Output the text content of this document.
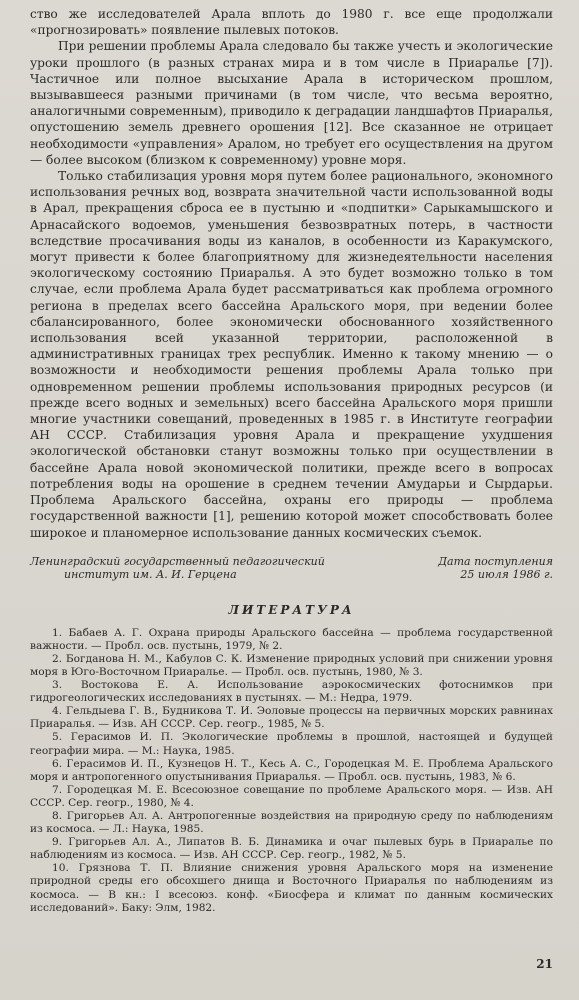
ство же исследователей Арала вплоть до 1980 г. все еще продолжали «прогнозировать» появление пылевых потоков.

При решении проблемы Арала следовало бы также учесть и экологические уроки прошлого (в разных странах мира и в том числе в Приаралье [7]). Частичное или полное высыхание Арала в историческом прошлом, вызывавшееся разными причинами (в том числе, что весьма вероятно, аналогичными современным), приводило к деградации ландшафтов Приаралья, опустошению земель древнего орошения [12]. Все сказанное не отрицает необходимости «управления» Аралом, но требует его осуществления на другом — более высоком (близком к современному) уровне моря.

Только стабилизация уровня моря путем более рационального, экономного использования речных вод, возврата значительной части использованной воды в Арал, прекращения сброса ее в пустыню и «подпитки» Сарыкамышского и Арнасайского водоемов, уменьшения безвозвратных потерь, в частности вследствие просачивания воды из каналов, в особенности из Каракумского, могут привести к более благоприятному для жизнедеятельности населения экологическому состоянию Приаралья. А это будет возможно только в том случае, если проблема Арала будет рассматриваться как проблема огромного региона в пределах всего бассейна Аральского моря, при ведении более сбалансированного, более экономически обоснованного хозяйственного использования всей указанной территории, расположенной в административных границах трех республик. Именно к такому мнению — о возможности и необходимости решения проблемы Арала только при одновременном решении проблемы использования природных ресурсов (и прежде всего водных и земельных) всего бассейна Аральского моря пришли многие участники совещаний, проведенных в 1985 г. в Институте географии АН СССР. Стабилизация уровня Арала и прекращение ухудшения экологической обстановки станут возможны только при осуществлении в бассейне Арала новой экономической политики, прежде всего в вопросах потребления воды на орошение в среднем течении Амударьи и Сырдарьи. Проблема Аральского бассейна, охраны его природы — проблема государственной важности [1], решению которой может способствовать более широкое и планомерное использование данных космических съемок.

Ленинградский государственный педагогический
институт им. А. И. Герцена
Дата поступления
25 июля 1986 г.
ЛИТЕРАТУРА

1. Бабаев А. Г. Охрана природы Аральского бассейна — проблема государственной важности. — Пробл. осв. пустынь, 1979, № 2.

2. Богданова Н. М., Кабулов С. К. Изменение природных условий при снижении уровня моря в Юго-Восточном Приаралье. — Пробл. осв. пустынь, 1980, № 3.

3. Востокова Е. А. Использование аэрокосмических фотоснимков при гидрогеологических исследованиях в пустынях. — М.: Недра, 1979.

4. Гельдыева Г. В., Будникова Т. И. Эоловые процессы на первичных морских равнинах Приаралья. — Изв. АН СССР. Сер. геогр., 1985, № 5.

5. Герасимов И. П. Экологические проблемы в прошлой, настоящей и будущей географии мира. — М.: Наука, 1985.

6. Герасимов И. П., Кузнецов Н. Т., Кесь А. С., Городецкая М. Е. Проблема Аральского моря и антропогенного опустынивания Приаралья. — Пробл. осв. пустынь, 1983, № 6.

7. Городецкая М. Е. Всесоюзное совещание по проблеме Аральского моря. — Изв. АН СССР. Сер. геогр., 1980, № 4.

8. Григорьев Ал. А. Антропогенные воздействия на природную среду по наблюдениям из космоса. — Л.: Наука, 1985.

9. Григорьев Ал. А., Липатов В. Б. Динамика и очаг пылевых бурь в Приаралье по наблюдениям из космоса. — Изв. АН СССР. Сер. геогр., 1982, № 5.

10. Грязнова Т. П. Влияние снижения уровня Аральского моря на изменение природной среды его обсохшего днища и Восточного Приаралья по наблюдениям из космоса. — В кн.: I всесоюз. конф. «Биосфера и климат по данным космических исследований». Баку: Элм, 1982.

21
